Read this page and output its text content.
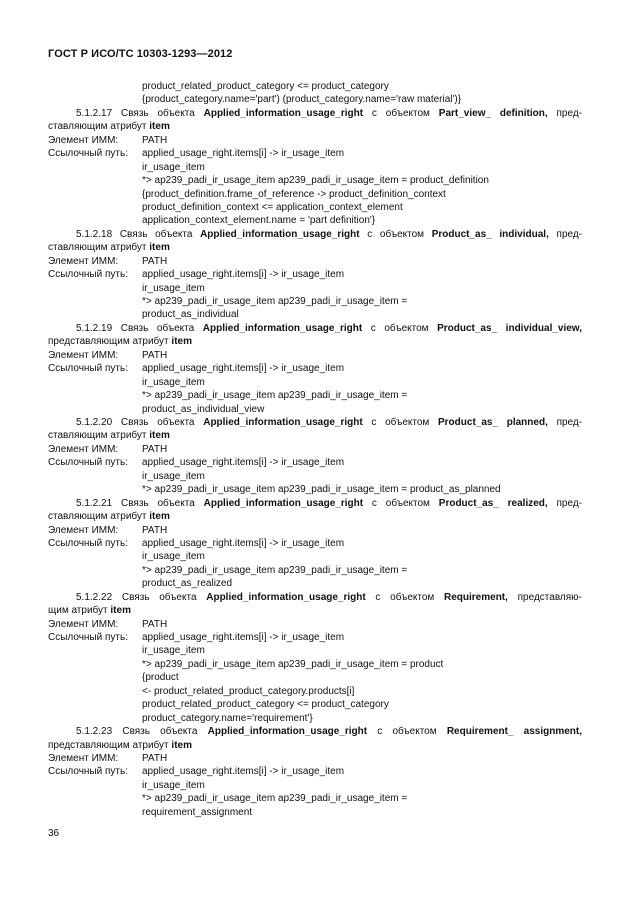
ГОСТ Р ИСО/ТС 10303-1293—2012
product_related_product_category <= product_category
{product_category.name='part') (product_category.name='raw material')}
5.1.2.17 Связь объекта Applied_information_usage_right с объектом Part_view_ definition, пред-
ставляющим атрибут item
Элемент ИММ:	PATH
Ссылочный путь:	applied_usage_right.items[i] -> ir_usage_item
ir_usage_item
*> ap239_padi_ir_usage_item ap239_padi_ir_usage_item = product_definition
{product_definition.frame_of_reference -> product_definition_context
product_definition_context <= application_context_element
application_context_element.name = 'part definition'}
5.1.2.18 Связь объекта Applied_information_usage_right с объектом Product_as_ individual, пред-
ставляющим атрибут item
Элемент ИММ:	PATH
Ссылочный путь:	applied_usage_right.items[i] -> ir_usage_item
ir_usage_item
*> ap239_padi_ir_usage_item ap239_padi_ir_usage_item =
product_as_individual
5.1.2.19 Связь объекта Applied_information_usage_right с объектом Product_as_ individual_view,
представляющим атрибут item
Элемент ИММ:	PATH
Ссылочный путь:	applied_usage_right.items[i] -> ir_usage_item
ir_usage_item
*> ap239_padi_ir_usage_item ap239_padi_ir_usage_item =
product_as_individual_view
5.1.2.20 Связь объекта Applied_information_usage_right с объектом Product_as_ planned, пред-
ставляющим атрибут item
Элемент ИММ:	PATH
Ссылочный путь:	applied_usage_right.items[i] -> ir_usage_item
ir_usage_item
*> ap239_padi_ir_usage_item ap239_padi_ir_usage_item = product_as_planned
5.1.2.21 Связь объекта Applied_information_usage_right с объектом Product_as_ realized, пред-
ставляющим атрибут item
Элемент ИММ:	PATH
Ссылочный путь:	applied_usage_right.items[i] -> ir_usage_item
ir_usage_item
*> ap239_padi_ir_usage_item ap239_padi_ir_usage_item =
product_as_realized
5.1.2.22 Связь объекта Applied_information_usage_right с объектом Requirement, представляю-
щим атрибут item
Элемент ИММ:	PATH
Ссылочный путь:	applied_usage_right.items[i] -> ir_usage_item
ir_usage_item
*> ap239_padi_ir_usage_item ap239_padi_ir_usage_item = product
{product
<- product_related_product_category.products[i]
product_related_product_category <= product_category
product_category.name='requirement'}
5.1.2.23 Связь объекта Applied_information_usage_right с объектом Requirement_ assignment,
представляющим атрибут item
Элемент ИММ:	PATH
Ссылочный путь:	applied_usage_right.items[i] -> ir_usage_item
ir_usage_item
*> ap239_padi_ir_usage_item ap239_padi_ir_usage_item =
requirement_assignment
36
